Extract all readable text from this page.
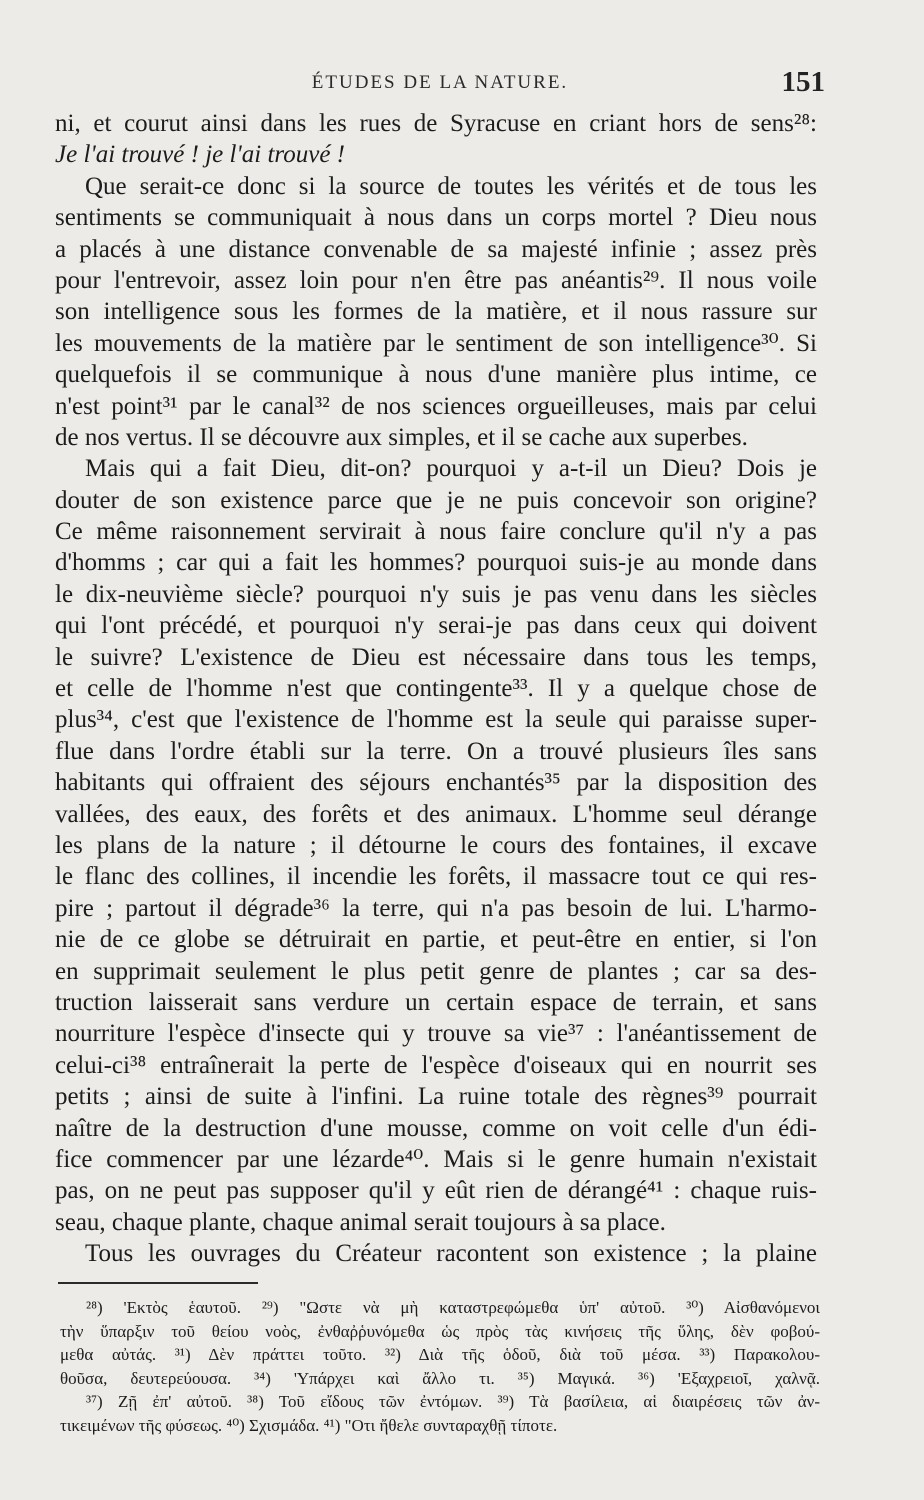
ÉTUDES DE LA NATURE.	151
ni, et courut ainsi dans les rues de Syracuse en criant hors de sens²⁸:
Je l'ai trouvé ! je l'ai trouvé !
Que serait-ce donc si la source de toutes les vérités et de tous les
sentiments se communiquait à nous dans un corps mortel ? Dieu nous
a placés à une distance convenable de sa majesté infinie ; assez près
pour l'entrevoir, assez loin pour n'en être pas anéantis²⁹. Il nous voile
son intelligence sous les formes de la matière, et il nous rassure sur
les mouvements de la matière par le sentiment de son intelligence³⁰. Si
quelquefois il se communique à nous d'une manière plus intime, ce
n'est point³¹ par le canal³² de nos sciences orgueilleuses, mais par celui
de nos vertus. Il se découvre aux simples, et il se cache aux superbes.
Mais qui a fait Dieu, dit-on? pourquoi y a-t-il un Dieu? Dois je
douter de son existence parce que je ne puis concevoir son origine?
Ce même raisonnement servirait à nous faire conclure qu'il n'y a pas
d'homms ; car qui a fait les hommes? pourquoi suis-je au monde dans
le dix-neuvième siècle? pourquoi n'y suis je pas venu dans les siècles
qui l'ont précédé, et pourquoi n'y serai-je pas dans ceux qui doivent
le suivre? L'existence de Dieu est nécessaire dans tous les temps,
et celle de l'homme n'est que contingente³³. Il y a quelque chose de
plus³⁴, c'est que l'existence de l'homme est la seule qui paraisse super-
flue dans l'ordre établi sur la terre. On a trouvé plusieurs îles sans
habitants qui offraient des séjours enchantés³⁵ par la disposition des
vallées, des eaux, des forêts et des animaux. L'homme seul dérange
les plans de la nature ; il détourne le cours des fontaines, il excave
le flanc des collines, il incendie les forêts, il massacre tout ce qui res-
pire ; partout il dégrade³⁶ la terre, qui n'a pas besoin de lui. L'harmo-
nie de ce globe se détruirait en partie, et peut-être en entier, si l'on
en supprimait seulement le plus petit genre de plantes ; car sa des-
truction laisserait sans verdure un certain espace de terrain, et sans
nourriture l'espèce d'insecte qui y trouve sa vie³⁷ : l'anéantissement de
celui-ci³⁸ entraînerait la perte de l'espèce d'oiseaux qui en nourrit ses
petits ; ainsi de suite à l'infini. La ruine totale des règnes³⁹ pourrait
naître de la destruction d'une mousse, comme on voit celle d'un édi-
fice commencer par une lézarde⁴⁰. Mais si le genre humain n'existait
pas, on ne peut pas supposer qu'il y eût rien de dérangé⁴¹ : chaque ruis-
seau, chaque plante, chaque animal serait toujours à sa place.
Tous les ouvrages du Créateur racontent son existence ; la plaine
²⁸) 'Εκτὸς ἑαυτοῦ. ²⁹) "Ωστε νὰ μὴ καταστρεφώμεθα ὑπ' αὐτοῦ. ³⁰) Αἰσθανόμενοι
τὴν ὕπαρξιν τοῦ θείου νοὸς, ἐνθαῤῥυνόμεθα ὡς πρὸς τὰς κινήσεις τῆς ὕλης, δὲν φοβού-
μεθα αὐτάς. ³¹) Δὲν πράττει τοῦτο. ³²) Διὰ τῆς ὁδοῦ, διὰ τοῦ μέσα. ³³) Παρακολου-
θοῦσα, δευτερεύουσα. ³⁴) 'Υπάρχει καὶ ἄλλο τι. ³⁵) Μαγικά. ³⁶) 'Εξαχρειοῖ, χαλνᾷ.
³⁷) Ζῇ ἐπ' αὐτοῦ. ³⁸) Τοῦ εἴδους τῶν ἐντόμων. ³⁹) Τὰ βασίλεια, αἱ διαιρέσεις τῶν ἀν-
τικειμένων τῆς φύσεως. ⁴⁰) Σχισμάδα. ⁴¹) "Οτι ἤθελε συνταραχθῇ τίποτε.
